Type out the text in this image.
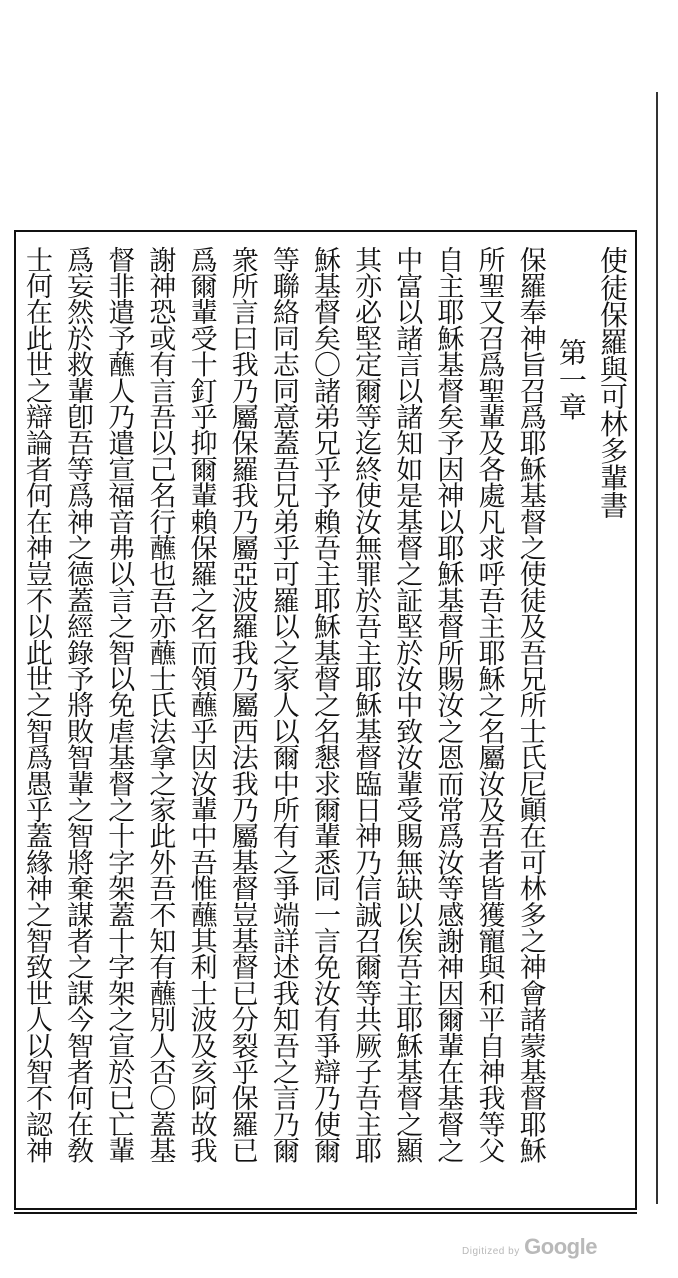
使徒保羅與可林多輩書
第一章
保羅奉神旨召爲耶穌基督之使徒及吾兄所士氏尼顚在可林多之神會諸蒙基督耶穌
所聖又召爲聖輩及各處凡求呼吾主耶穌之名屬汝及吾者皆獲寵與和平自神我等父
自主耶穌基督矣予因神以耶穌基督所賜汝之恩而常爲汝等感謝神因爾輩在基督之
中富以諸言以諸知如是基督之証堅於汝中致汝輩受賜無缺以俟吾主耶穌基督之顯
其亦必堅定爾等迄終使汝無罪於吾主耶穌基督臨日神乃信誠召爾等共厥子吾主耶
穌基督矣〇諸弟兄乎予賴吾主耶穌基督之名懇求爾輩悉同一言免汝有爭辯乃使爾
等聯絡同志同意蓋吾兄弟乎可羅以之家人以爾中所有之爭端詳述我知吾之言乃爾
衆所言曰我乃屬保羅我乃屬亞波羅我乃屬西法我乃屬基督豈基督已分裂乎保羅已
爲爾輩受十釘乎抑爾輩賴保羅之名而領蘸乎因汝輩中吾惟蘸其利士波及亥阿故我
謝神恐或有言吾以己名行蘸也吾亦蘸士氏法拿之家此外吾不知有蘸別人否〇蓋基
督非遣予蘸人乃遣宣福音弗以言之智以免虐基督之十字架蓋十字架之宣於已亡輩
爲妄然於救輩卽吾等爲神之德蓋經錄予將敗智輩之智將棄謀者之謀今智者何在敎
士何在此世之辯論者何在神豈不以此世之智爲愚乎蓋緣神之智致世人以智不認神
Digitized by Google
